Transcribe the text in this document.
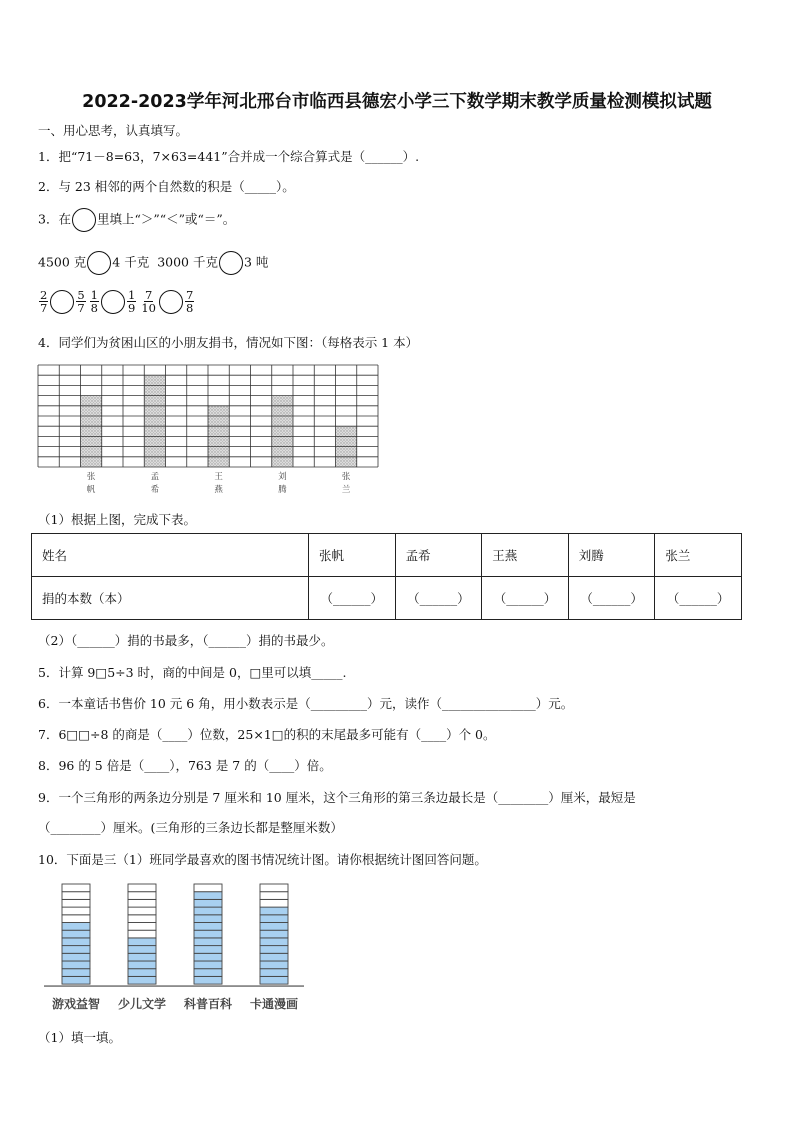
2022-2023学年河北邢台市临西县德宏小学三下数学期末教学质量检测模拟试题
一、用心思考，认真填写。
1．把“71－8=63，7×63=441”合并成一个综合算式是（______）.
2．与 23 相邻的两个自然数的积是（_____）。
3．在 里填上“＞”“＜”或“＝”。
4500 克 4 千克 3000 千克 3 吨
$\frac{2}{7} \frac{5}{7} \frac{1}{8} \frac{1}{9} \frac{7}{10} \frac{7}{8}$
4．同学们为贫困山区的小朋友捐书，情况如下图：（每格表示 1 本）
张
帆
孟
希
王
燕
刘
腾
张
兰
（1）根据上图，完成下表。
姓名	张帆	孟希	王燕	刘腾	张兰
捐的本数（本）	（______）	（______）	（______）	（______）	（______）
（2）（______）捐的书最多，（______）捐的书最少。
5．计算 9□5÷3 时，商的中间是 0，□里可以填_____.
6．一本童话书售价 10 元 6 角，用小数表示是（_________）元，读作（_______________）元。
7．6□□÷8 的商是（____）位数，25×1□的积的末尾最多可能有（____）个 0。
8．96 的 5 倍是（____），763 是 7 的（____）倍。
9．一个三角形的两条边分别是 7 厘米和 10 厘米，这个三角形的第三条边最长是（________）厘米，最短是
（________）厘米。(三角形的三条边长都是整厘米数）
10．下面是三（1）班同学最喜欢的图书情况统计图。请你根据统计图回答问题。
游戏益智 少儿文学 科普百科 卡通漫画
（1）填一填。
